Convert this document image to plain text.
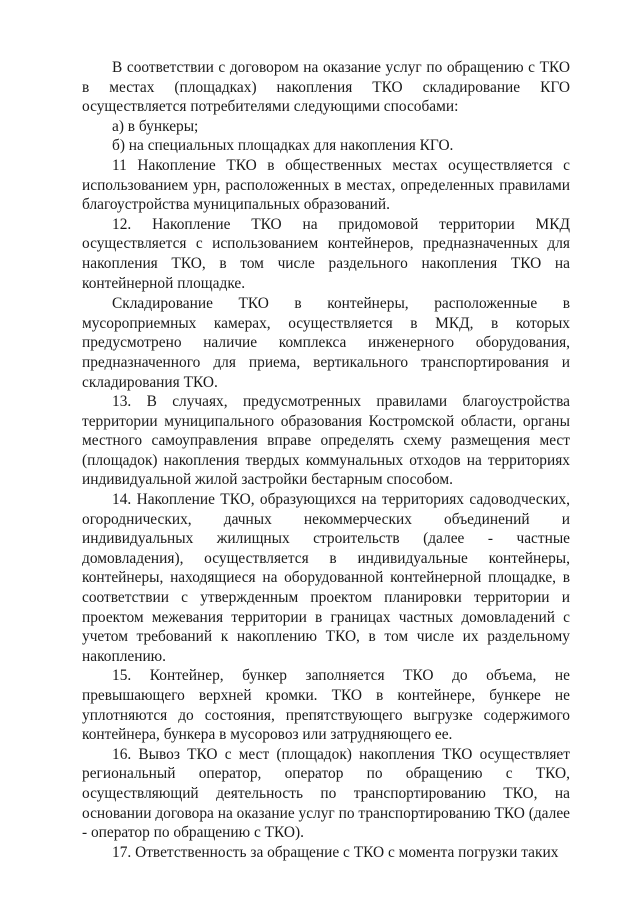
В соответствии с договором на оказание услуг по обращению с ТКО в местах (площадках) накопления ТКО складирование КГО осуществляется потребителями следующими способами:

а) в бункеры;

б) на специальных площадках для накопления КГО.

11 Накопление ТКО в общественных местах осуществляется с использованием урн, расположенных в местах, определенных правилами благоустройства муниципальных образований.

12. Накопление ТКО на придомовой территории МКД осуществляется с использованием контейнеров, предназначенных для накопления ТКО, в том числе раздельного накопления ТКО на контейнерной площадке.

Складирование ТКО в контейнеры, расположенные в мусороприемных камерах, осуществляется в МКД, в которых предусмотрено наличие комплекса инженерного оборудования, предназначенного для приема, вертикального транспортирования и складирования ТКО.

13. В случаях, предусмотренных правилами благоустройства территории муниципального образования Костромской области, органы местного самоуправления вправе определять схему размещения мест (площадок) накопления твердых коммунальных отходов на территориях индивидуальной жилой застройки бестарным способом.

14. Накопление ТКО, образующихся на территориях садоводческих, огороднических, дачных некоммерческих объединений и индивидуальных жилищных строительств (далее - частные домовладения), осуществляется в индивидуальные контейнеры, контейнеры, находящиеся на оборудованной контейнерной площадке, в соответствии с утвержденным проектом планировки территории и проектом межевания территории в границах частных домовладений с учетом требований к накоплению ТКО, в том числе их раздельному накоплению.

15. Контейнер, бункер заполняется ТКО до объема, не превышающего верхней кромки. ТКО в контейнере, бункере не уплотняются до состояния, препятствующего выгрузке содержимого контейнера, бункера в мусоровоз или затрудняющего ее.

16. Вывоз ТКО с мест (площадок) накопления ТКО осуществляет региональный оператор, оператор по обращению с ТКО, осуществляющий деятельность по транспортированию ТКО, на основании договора на оказание услуг по транспортированию ТКО (далее - оператор по обращению с ТКО).

17. Ответственность за обращение с ТКО с момента погрузки таких
